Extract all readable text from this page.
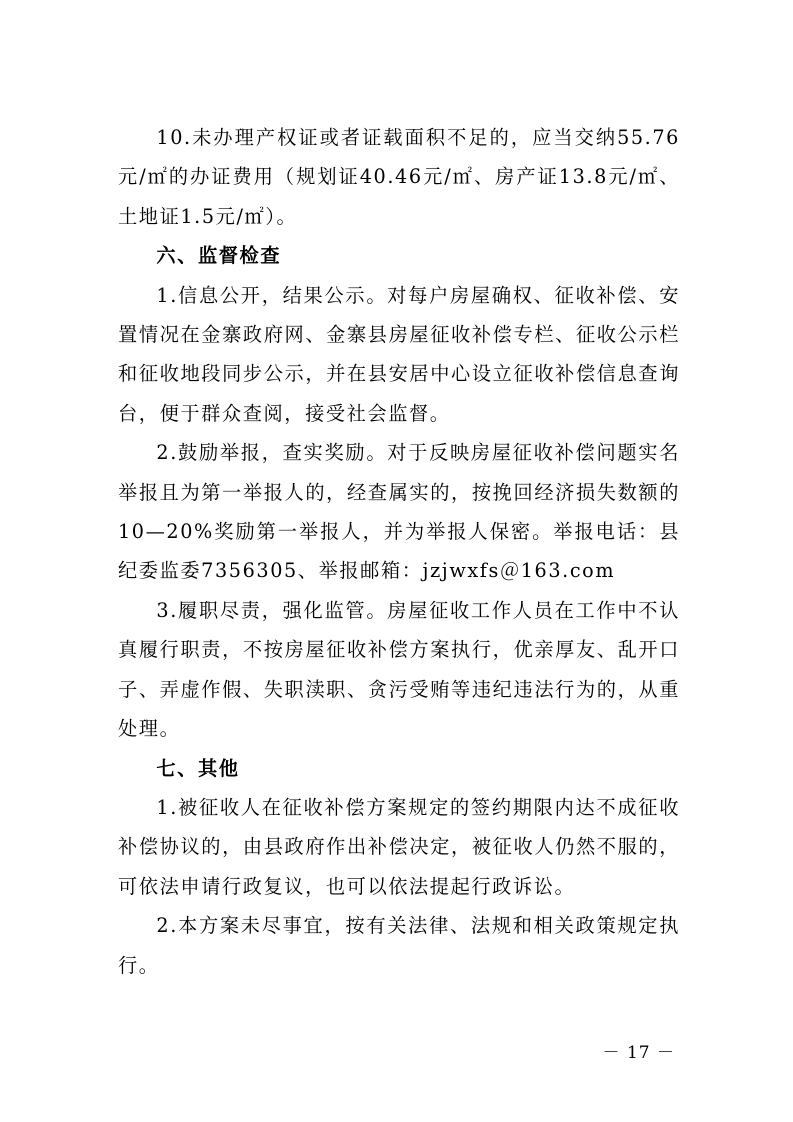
10.未办理产权证或者证载面积不足的，应当交纳55.76元/㎡的办证费用（规划证40.46元/㎡、房产证13.8元/㎡、土地证1.5元/㎡）。

六、监督检查

1.信息公开，结果公示。对每户房屋确权、征收补偿、安置情况在金寨政府网、金寨县房屋征收补偿专栏、征收公示栏和征收地段同步公示，并在县安居中心设立征收补偿信息查询台，便于群众查阅，接受社会监督。

2.鼓励举报，查实奖励。对于反映房屋征收补偿问题实名举报且为第一举报人的，经查属实的，按挽回经济损失数额的10—20%奖励第一举报人，并为举报人保密。举报电话：县纪委监委7356305、举报邮箱：jzjwxfs＠163.com

3.履职尽责，强化监管。房屋征收工作人员在工作中不认真履行职责，不按房屋征收补偿方案执行，优亲厚友、乱开口子、弄虚作假、失职渎职、贪污受贿等违纪违法行为的，从重处理。

七、其他

1.被征收人在征收补偿方案规定的签约期限内达不成征收补偿协议的，由县政府作出补偿决定，被征收人仍然不服的，可依法申请行政复议，也可以依法提起行政诉讼。

2.本方案未尽事宜，按有关法律、法规和相关政策规定执行。

－ 17 －
